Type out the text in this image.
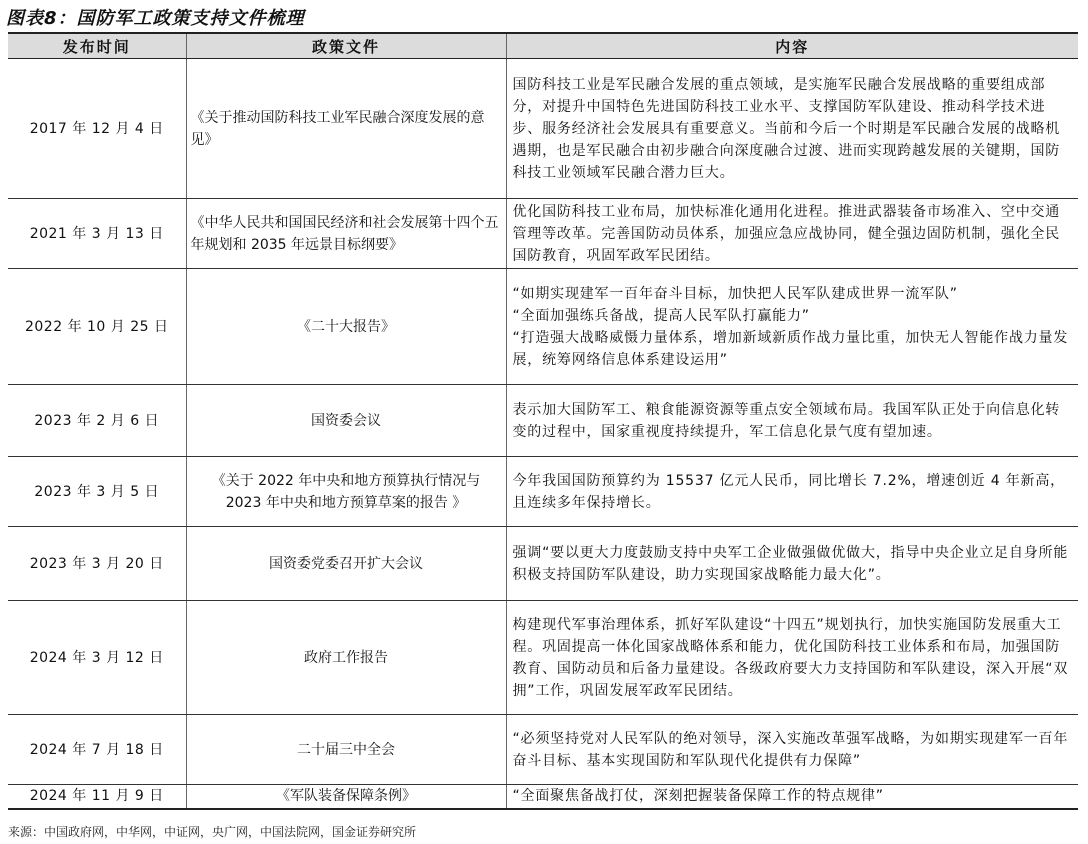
图表8：国防军工政策支持文件梳理
发布时间	政策文件	内容
2017 年 12 月 4 日	《关于推动国防科技工业军民融合深度发展的意见》	国防科技工业是军民融合发展的重点领域，是实施军民融合发展战略的重要组成部分，对提升中国特色先进国防科技工业水平、支撑国防军队建设、推动科学技术进步、服务经济社会发展具有重要意义。当前和今后一个时期是军民融合发展的战略机遇期，也是军民融合由初步融合向深度融合过渡、进而实现跨越发展的关键期，国防科技工业领域军民融合潜力巨大。

2021 年 3 月 13 日	《中华人民共和国国民经济和社会发展第十四个五年规划和 2035 年远景目标纲要》	优化国防科技工业布局，加快标准化通用化进程。推进武器装备市场准入、空中交通管理等改革。完善国防动员体系，加强应急应战协同，健全强边固防机制，强化全民国防教育，巩固军政军民团结。

2022 年 10 月 25 日	《二十大报告》	“如期实现建军一百年奋斗目标，加快把人民军队建成世界一流军队”
“全面加强练兵备战，提高人民军队打赢能力”
“打造强大战略威慑力量体系，增加新域新质作战力量比重，加快无人智能作战力量发
展，统筹网络信息体系建设运用”

2023 年 2 月 6 日	国资委会议	表示加大国防军工、粮食能源资源等重点安全领域布局。我国军队正处于向信息化转变的过程中，国家重视度持续提升，军工信息化景气度有望加速。

2023 年 3 月 5 日	《关于 2022 年中央和地方预算执行情况与 2023 年中央和地方预算草案的报告 》	今年我国国防预算约为 15537 亿元人民币，同比增长 7.2%，增速创近 4 年新高，且连续多年保持增长。

2023 年 3 月 20 日	国资委党委召开扩大会议	强调“要以更大力度鼓励支持中央军工企业做强做优做大，指导中央企业立足自身所能积极支持国防军队建设，助力实现国家战略能力最大化”。

2024 年 3 月 12 日	政府工作报告	构建现代军事治理体系，抓好军队建设“十四五”规划执行，加快实施国防发展重大工程。巩固提高一体化国家战略体系和能力，优化国防科技工业体系和布局，加强国防教育、国防动员和后备力量建设。各级政府要大力支持国防和军队建设，深入开展“双拥”工作，巩固发展军政军民团结。

2024 年 7 月 18 日	二十届三中全会	“必须坚持党对人民军队的绝对领导，深入实施改革强军战略，为如期实现建军一百年
奋斗目标、基本实现国防和军队现代化提供有力保障”

2024 年 11 月 9 日	《军队装备保障条例》	“全面聚焦备战打仗，深刻把握装备保障工作的特点规律”
来源：中国政府网，中华网，中证网，央广网，中国法院网，国金证券研究所
